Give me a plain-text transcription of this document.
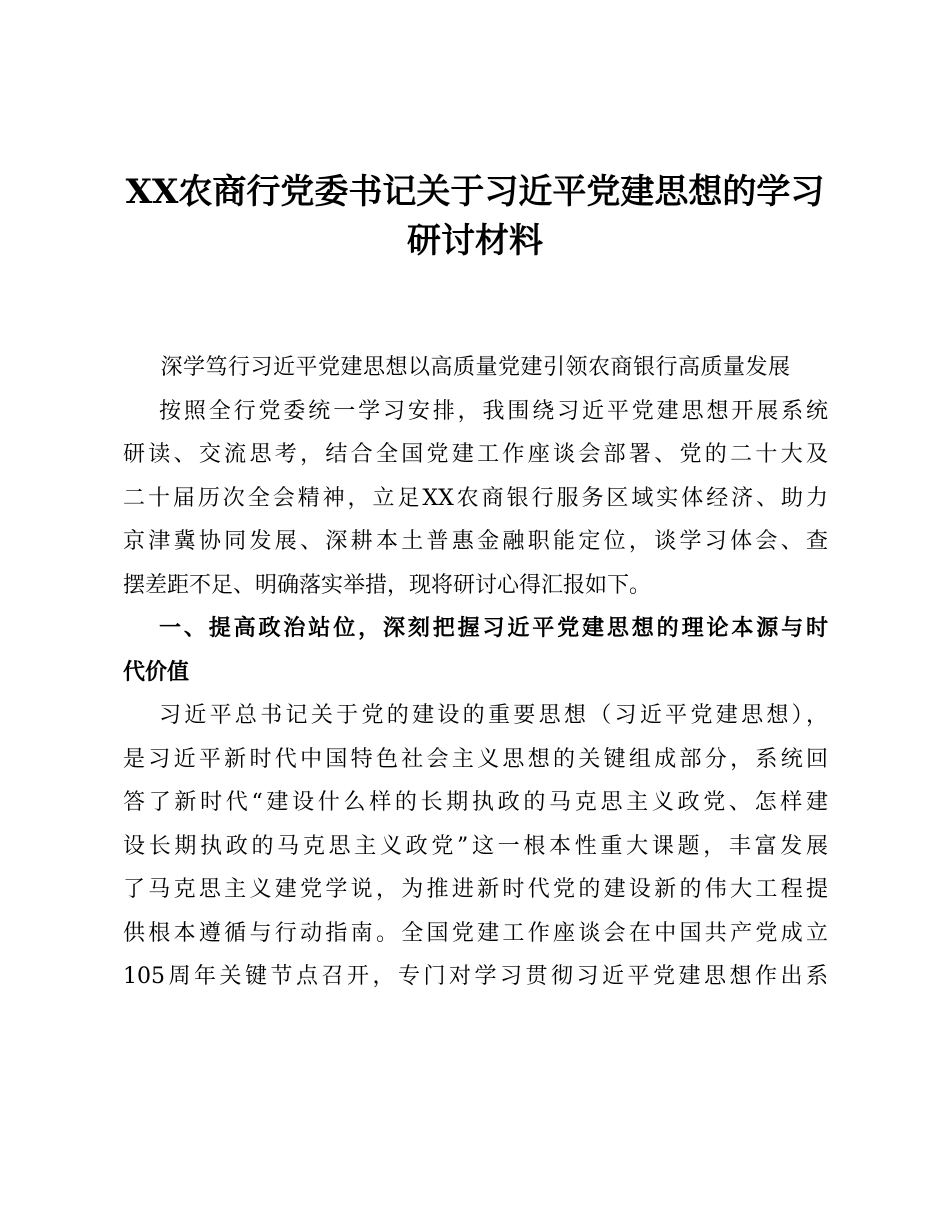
XX农商行党委书记关于习近平党建思想的学习
研讨材料
深学笃行习近平党建思想以高质量党建引领农商银行高质量发展
按照全行党委统一学习安排，我围绕习近平党建思想开展系统
研读、交流思考，结合全国党建工作座谈会部署、党的二十大及
二十届历次全会精神，立足XX农商银行服务区域实体经济、助力
京津冀协同发展、深耕本土普惠金融职能定位，谈学习体会、查
摆差距不足、明确落实举措，现将研讨心得汇报如下。
一、提高政治站位，深刻把握习近平党建思想的理论本源与时
代价值
习近平总书记关于党的建设的重要思想（习近平党建思想），
是习近平新时代中国特色社会主义思想的关键组成部分，系统回
答了新时代“建设什么样的长期执政的马克思主义政党、怎样建
设长期执政的马克思主义政党”这一根本性重大课题，丰富发展
了马克思主义建党学说，为推进新时代党的建设新的伟大工程提
供根本遵循与行动指南。全国党建工作座谈会在中国共产党成立
105周年关键节点召开，专门对学习贯彻习近平党建思想作出系
